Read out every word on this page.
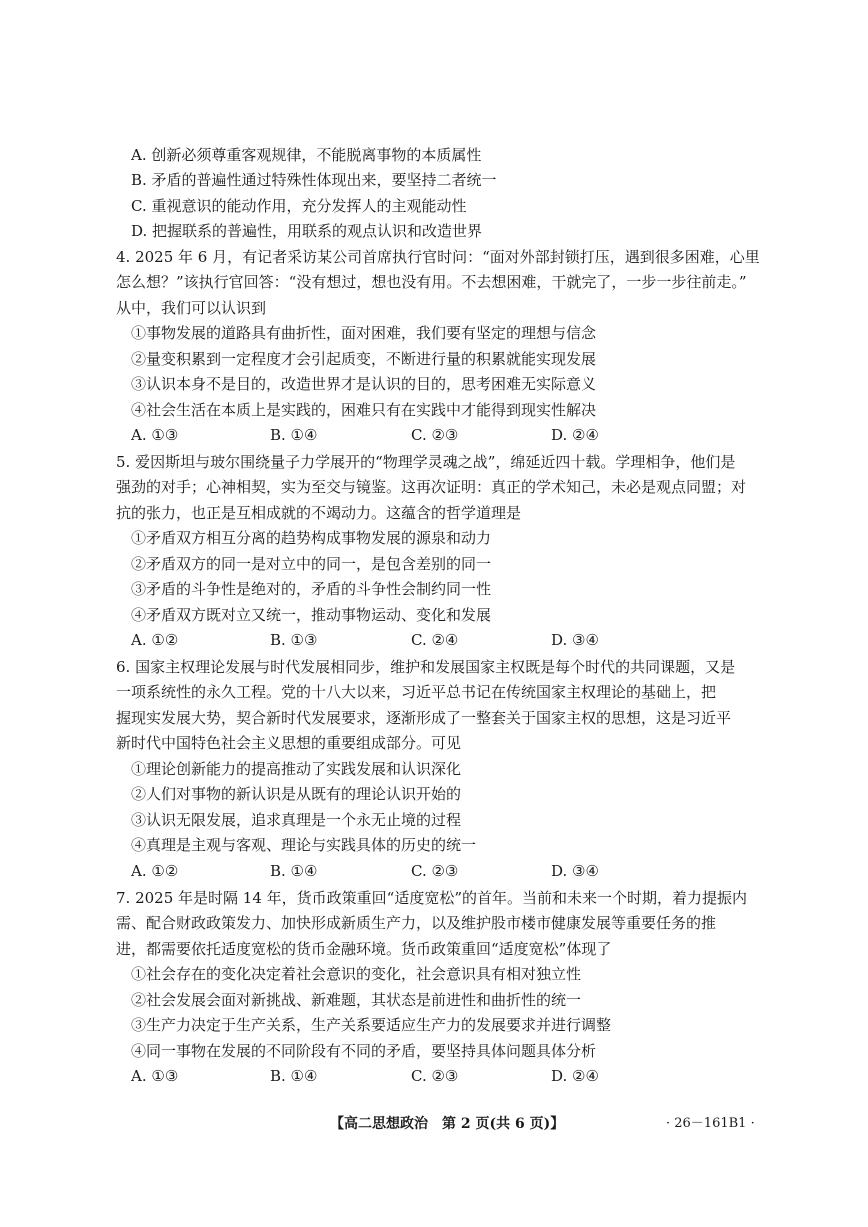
A. 创新必须尊重客观规律，不能脱离事物的本质属性
B. 矛盾的普遍性通过特殊性体现出来，要坚持二者统一
C. 重视意识的能动作用，充分发挥人的主观能动性
D. 把握联系的普遍性，用联系的观点认识和改造世界
4. 2025 年 6 月，有记者采访某公司首席执行官时问：“面对外部封锁打压，遇到很多困难，心里
怎么想？”该执行官回答：“没有想过，想也没有用。不去想困难，干就完了，一步一步往前走。”
从中，我们可以认识到
①事物发展的道路具有曲折性，面对困难，我们要有坚定的理想与信念
②量变积累到一定程度才会引起质变，不断进行量的积累就能实现发展
③认识本身不是目的，改造世界才是认识的目的，思考困难无实际意义
④社会生活在本质上是实践的，困难只有在实践中才能得到现实性解决
A. ①③	B. ①④	C. ②③	D. ②④
5. 爱因斯坦与玻尔围绕量子力学展开的“物理学灵魂之战”，绵延近四十载。学理相争，他们是
强劲的对手；心神相契，实为至交与镜鉴。这再次证明：真正的学术知己，未必是观点同盟；对
抗的张力，也正是互相成就的不竭动力。这蕴含的哲学道理是
①矛盾双方相互分离的趋势构成事物发展的源泉和动力
②矛盾双方的同一是对立中的同一，是包含差别的同一
③矛盾的斗争性是绝对的，矛盾的斗争性会制约同一性
④矛盾双方既对立又统一，推动事物运动、变化和发展
A. ①②	B. ①③	C. ②④	D. ③④
6. 国家主权理论发展与时代发展相同步，维护和发展国家主权既是每个时代的共同课题，又是
一项系统性的永久工程。党的十八大以来，习近平总书记在传统国家主权理论的基础上，把
握现实发展大势，契合新时代发展要求，逐渐形成了一整套关于国家主权的思想，这是习近平
新时代中国特色社会主义思想的重要组成部分。可见
①理论创新能力的提高推动了实践发展和认识深化
②人们对事物的新认识是从既有的理论认识开始的
③认识无限发展，追求真理是一个永无止境的过程
④真理是主观与客观、理论与实践具体的历史的统一
A. ①②	B. ①④	C. ②③	D. ③④
7. 2025 年是时隔 14 年，货币政策重回“适度宽松”的首年。当前和未来一个时期，着力提振内
需、配合财政政策发力、加快形成新质生产力，以及维护股市楼市健康发展等重要任务的推
进，都需要依托适度宽松的货币金融环境。货币政策重回“适度宽松”体现了
①社会存在的变化决定着社会意识的变化，社会意识具有相对独立性
②社会发展会面对新挑战、新难题，其状态是前进性和曲折性的统一
③生产力决定于生产关系，生产关系要适应生产力的发展要求并进行调整
④同一事物在发展的不同阶段有不同的矛盾，要坚持具体问题具体分析
A. ①③	B. ①④	C. ②③	D. ②④
【高二思想政治　第 2 页(共 6 页)】	· 26－161B1 ·
